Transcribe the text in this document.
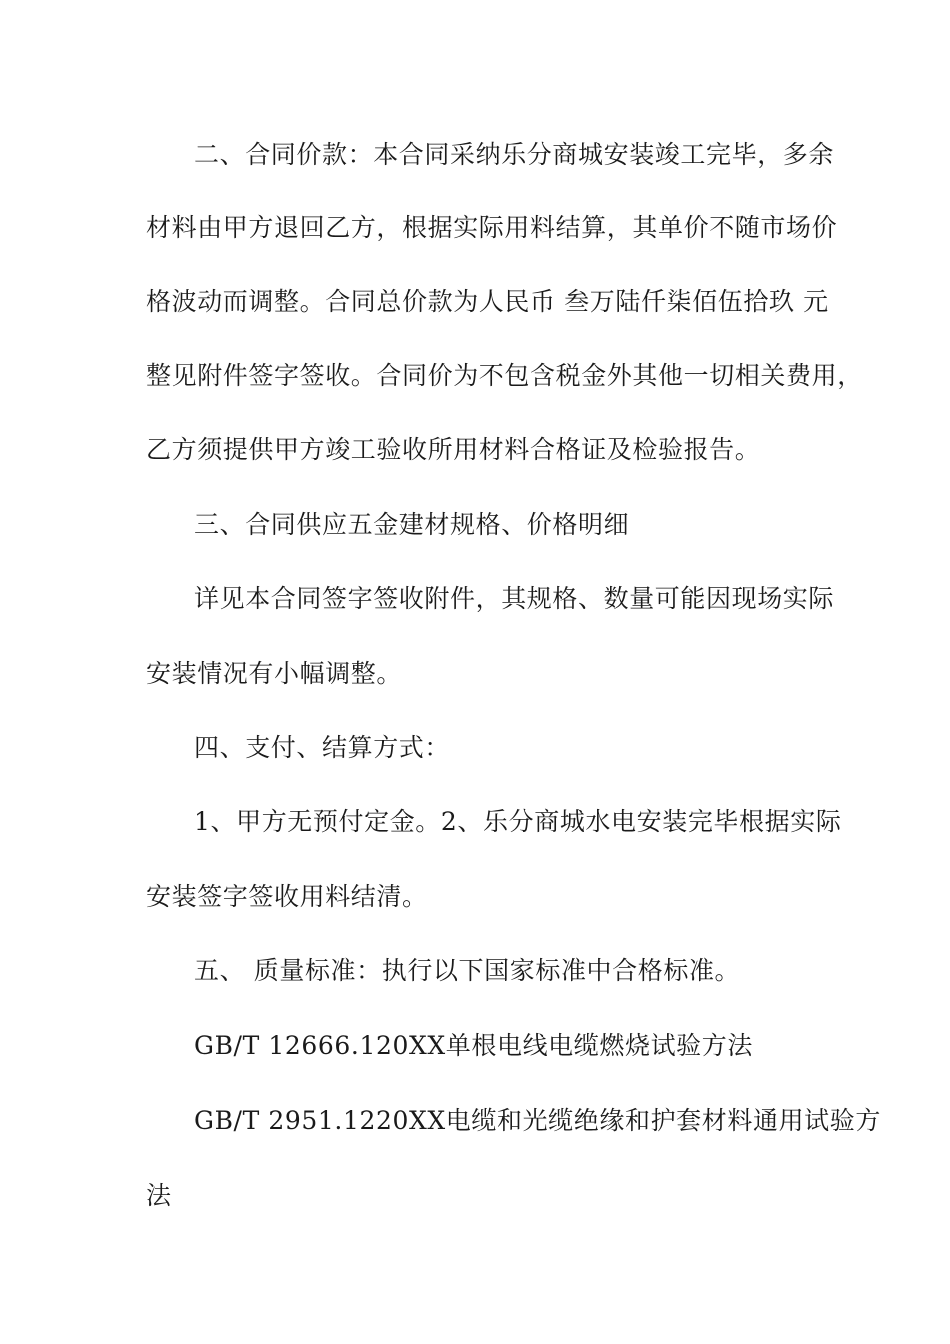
二、合同价款：本合同采纳乐分商城安装竣工完毕，多余

材料由甲方退回乙方，根据实际用料结算，其单价不随市场价

格波动而调整。合同总价款为人民币 叁万陆仟柒佰伍拾玖 元

整见附件签字签收。合同价为不包含税金外其他一切相关费用，

乙方须提供甲方竣工验收所用材料合格证及检验报告。

三、合同供应五金建材规格、价格明细

详见本合同签字签收附件，其规格、数量可能因现场实际

安装情况有小幅调整。

四、支付、结算方式：

1、甲方无预付定金。2、乐分商城水电安装完毕根据实际

安装签字签收用料结清。

五、 质量标准：执行以下国家标准中合格标准。

GB/T 12666.120XX单根电线电缆燃烧试验方法

GB/T 2951.1220XX电缆和光缆绝缘和护套材料通用试验方

法
